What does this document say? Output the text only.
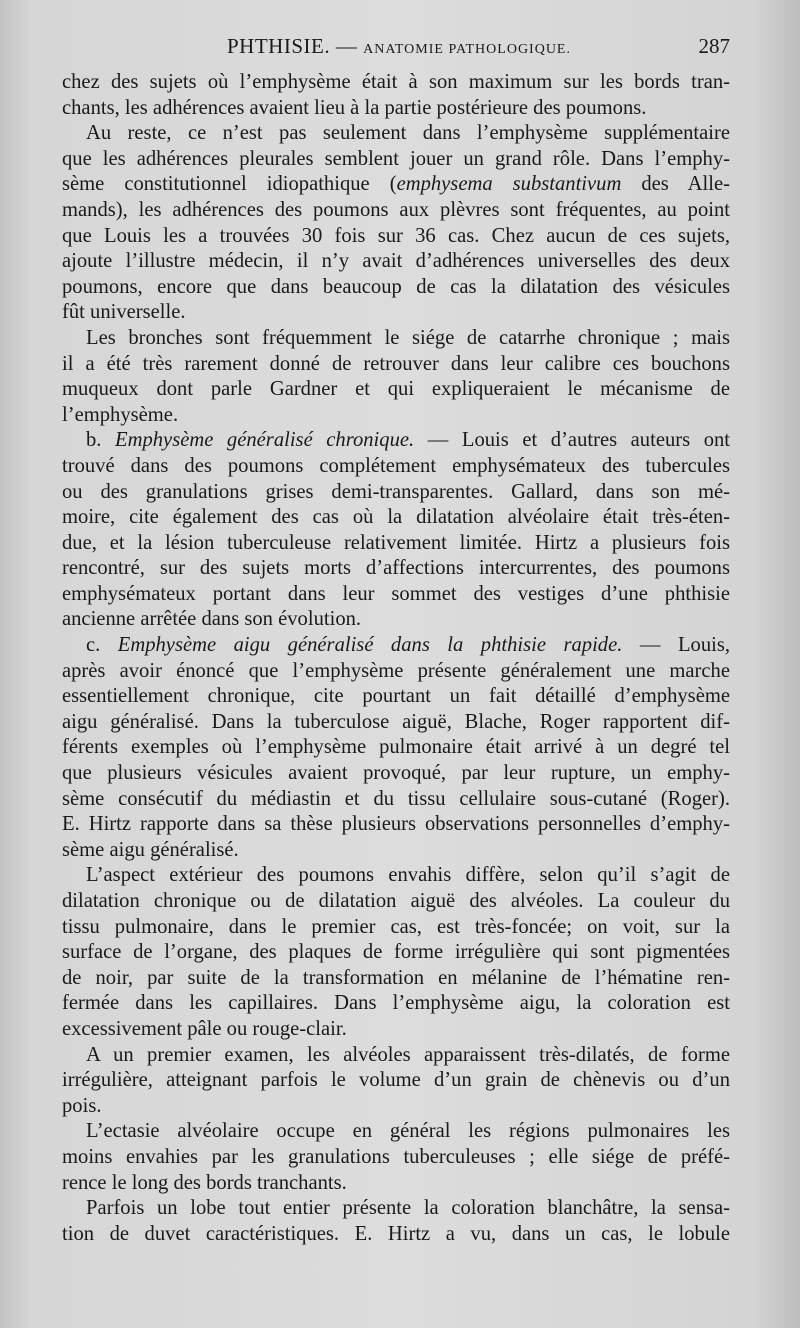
PHTHISIE. — ANATOMIE PATHOLOGIQUE.	287
chez des sujets où l’emphysème était à son maximum sur les bords tran-
chants, les adhérences avaient lieu à la partie postérieure des poumons.
Au reste, ce n’est pas seulement dans l’emphysème supplémentaire
que les adhérences pleurales semblent jouer un grand rôle. Dans l’emphy-
sème constitutionnel idiopathique (emphysema substantivum des Alle-
mands), les adhérences des poumons aux plèvres sont fréquentes, au point
que Louis les a trouvées 30 fois sur 36 cas. Chez aucun de ces sujets,
ajoute l’illustre médecin, il n’y avait d’adhérences universelles des deux
poumons, encore que dans beaucoup de cas la dilatation des vésicules
fût universelle.
Les bronches sont fréquemment le siége de catarrhe chronique ; mais
il a été très rarement donné de retrouver dans leur calibre ces bouchons
muqueux dont parle Gardner et qui expliqueraient le mécanisme de
l’emphysème.
b. Emphysème généralisé chronique. — Louis et d’autres auteurs ont
trouvé dans des poumons complétement emphysémateux des tubercules
ou des granulations grises demi-transparentes. Gallard, dans son mé-
moire, cite également des cas où la dilatation alvéolaire était très-éten-
due, et la lésion tuberculeuse relativement limitée. Hirtz a plusieurs fois
rencontré, sur des sujets morts d’affections intercurrentes, des poumons
emphysémateux portant dans leur sommet des vestiges d’une phthisie
ancienne arrêtée dans son évolution.
c. Emphysème aigu généralisé dans la phthisie rapide. — Louis,
après avoir énoncé que l’emphysème présente généralement une marche
essentiellement chronique, cite pourtant un fait détaillé d’emphysème
aigu généralisé. Dans la tuberculose aiguë, Blache, Roger rapportent dif-
férents exemples où l’emphysème pulmonaire était arrivé à un degré tel
que plusieurs vésicules avaient provoqué, par leur rupture, un emphy-
sème consécutif du médiastin et du tissu cellulaire sous-cutané (Roger).
E. Hirtz rapporte dans sa thèse plusieurs observations personnelles d’emphy-
sème aigu généralisé.
L’aspect extérieur des poumons envahis diffère, selon qu’il s’agit de
dilatation chronique ou de dilatation aiguë des alvéoles. La couleur du
tissu pulmonaire, dans le premier cas, est très-foncée; on voit, sur la
surface de l’organe, des plaques de forme irrégulière qui sont pigmentées
de noir, par suite de la transformation en mélanine de l’hématine ren-
fermée dans les capillaires. Dans l’emphysème aigu, la coloration est
excessivement pâle ou rouge-clair.
A un premier examen, les alvéoles apparaissent très-dilatés, de forme
irrégulière, atteignant parfois le volume d’un grain de chènevis ou d’un
pois.
L’ectasie alvéolaire occupe en général les régions pulmonaires les
moins envahies par les granulations tuberculeuses ; elle siége de préfé-
rence le long des bords tranchants.
Parfois un lobe tout entier présente la coloration blanchâtre, la sensa-
tion de duvet caractéristiques. E. Hirtz a vu, dans un cas, le lobule
